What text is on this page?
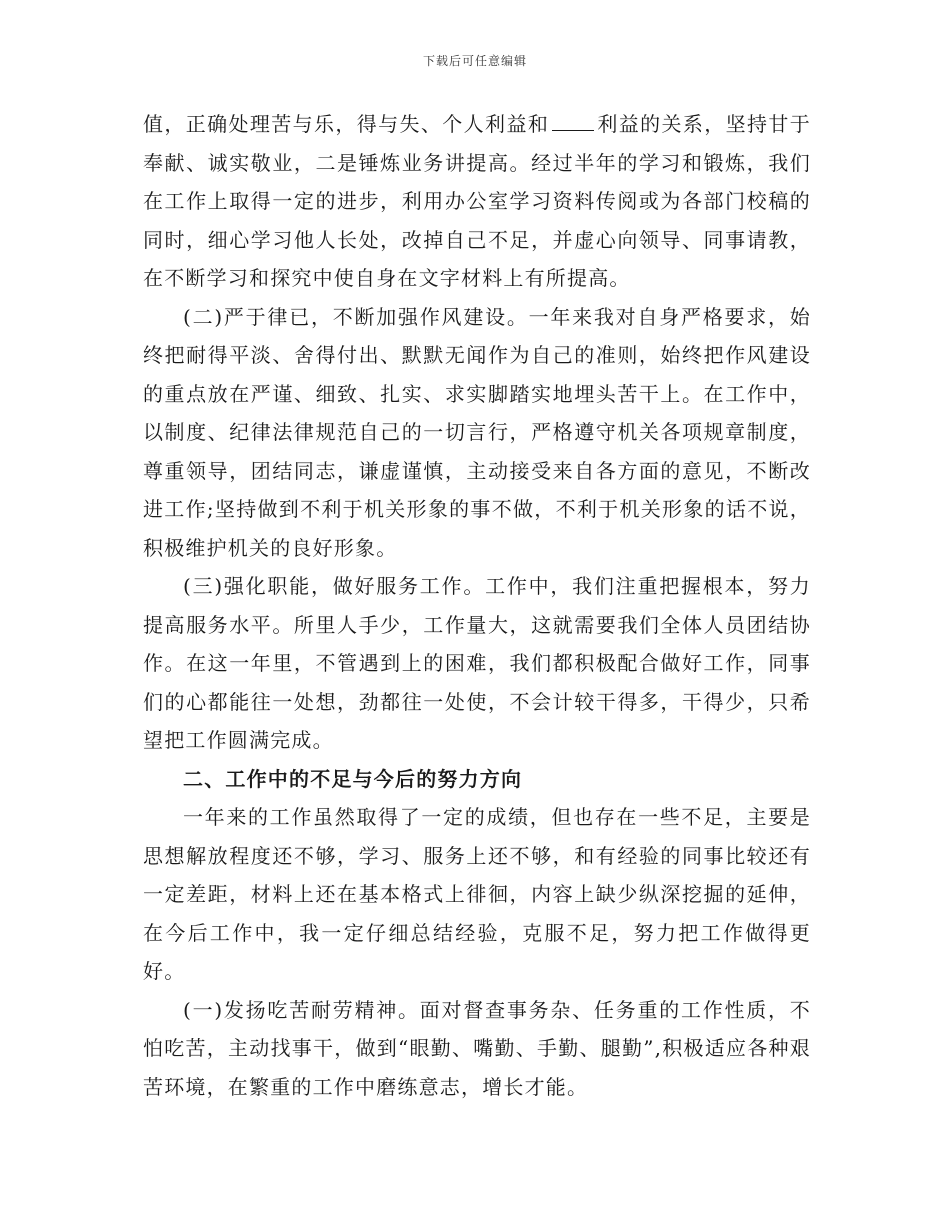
下载后可任意编辑

值，正确处理苦与乐，得与失、个人利益和 利益的关系，坚持甘于奉献、诚实敬业，二是锤炼业务讲提高。经过半年的学习和锻炼，我们在工作上取得一定的进步，利用办公室学习资料传阅或为各部门校稿的同时，细心学习他人长处，改掉自己不足，并虚心向领导、同事请教，在不断学习和探究中使自身在文字材料上有所提高。

(二)严于律已，不断加强作风建设。一年来我对自身严格要求，始终把耐得平淡、舍得付出、默默无闻作为自己的准则，始终把作风建设的重点放在严谨、细致、扎实、求实脚踏实地埋头苦干上。在工作中，以制度、纪律法律规范自己的一切言行，严格遵守机关各项规章制度，尊重领导，团结同志，谦虚谨慎，主动接受来自各方面的意见，不断改进工作;坚持做到不利于机关形象的事不做，不利于机关形象的话不说，积极维护机关的良好形象。

(三)强化职能，做好服务工作。工作中，我们注重把握根本，努力提高服务水平。所里人手少，工作量大，这就需要我们全体人员团结协作。在这一年里，不管遇到上的困难，我们都积极配合做好工作，同事们的心都能往一处想，劲都往一处使，不会计较干得多，干得少，只希望把工作圆满完成。

二、工作中的不足与今后的努力方向

一年来的工作虽然取得了一定的成绩，但也存在一些不足，主要是思想解放程度还不够，学习、服务上还不够，和有经验的同事比较还有一定差距，材料上还在基本格式上徘徊，内容上缺少纵深挖掘的延伸，在今后工作中，我一定仔细总结经验，克服不足，努力把工作做得更好。

(一)发扬吃苦耐劳精神。面对督查事务杂、任务重的工作性质，不怕吃苦，主动找事干，做到“眼勤、嘴勤、手勤、腿勤”,积极适应各种艰苦环境，在繁重的工作中磨练意志，增长才能。
